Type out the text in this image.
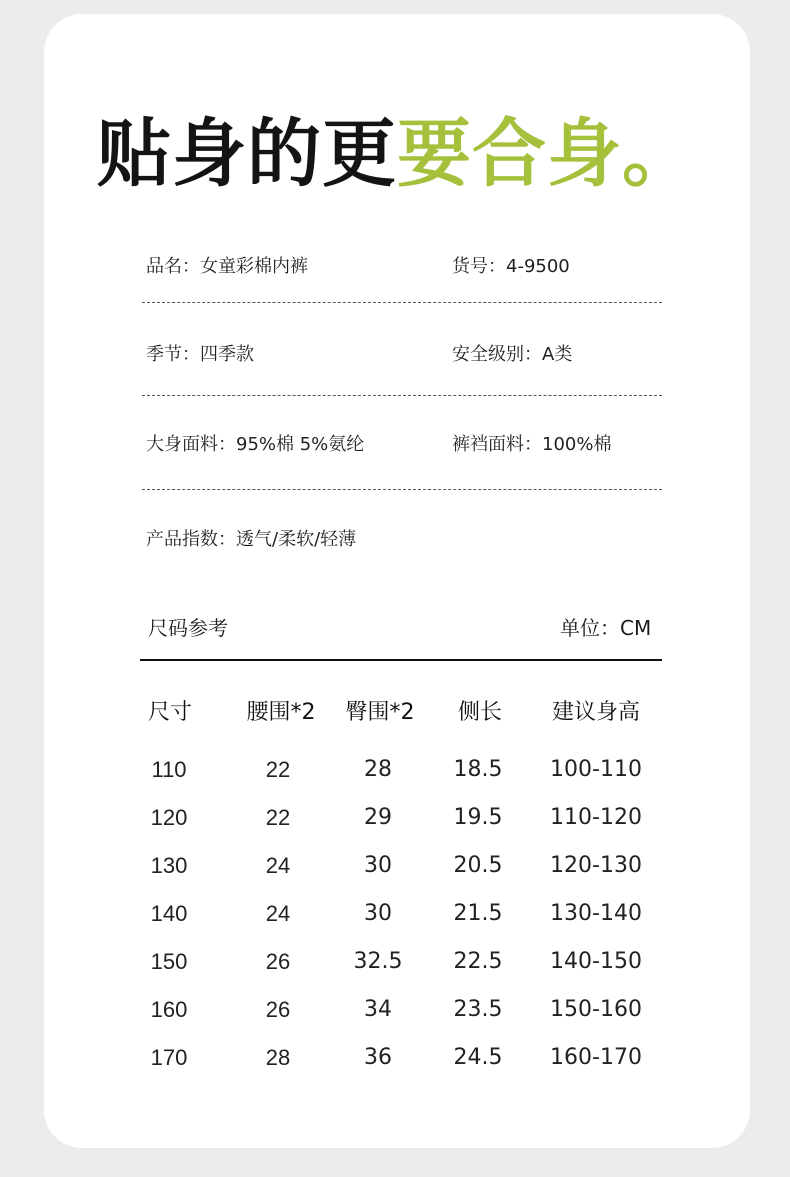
贴身的更要合身。
品名：女童彩棉内裤	货号：4-9500
季节：四季款	安全级别：A类
大身面料：95%棉 5%氨纶	裤裆面料：100%棉
产品指数：透气/柔软/轻薄
尺码参考	单位：CM
尺寸 腰围*2 臀围*2 侧长 建议身高
110	22	28	18.5 100-110
120	22	29	19.5 110-120
130	24	30	20.5 120-130
140	24	30	21.5 130-140
150	26	32.5 22.5 140-150
160	26	34	23.5 150-160
170	28	36	24.5 160-170
